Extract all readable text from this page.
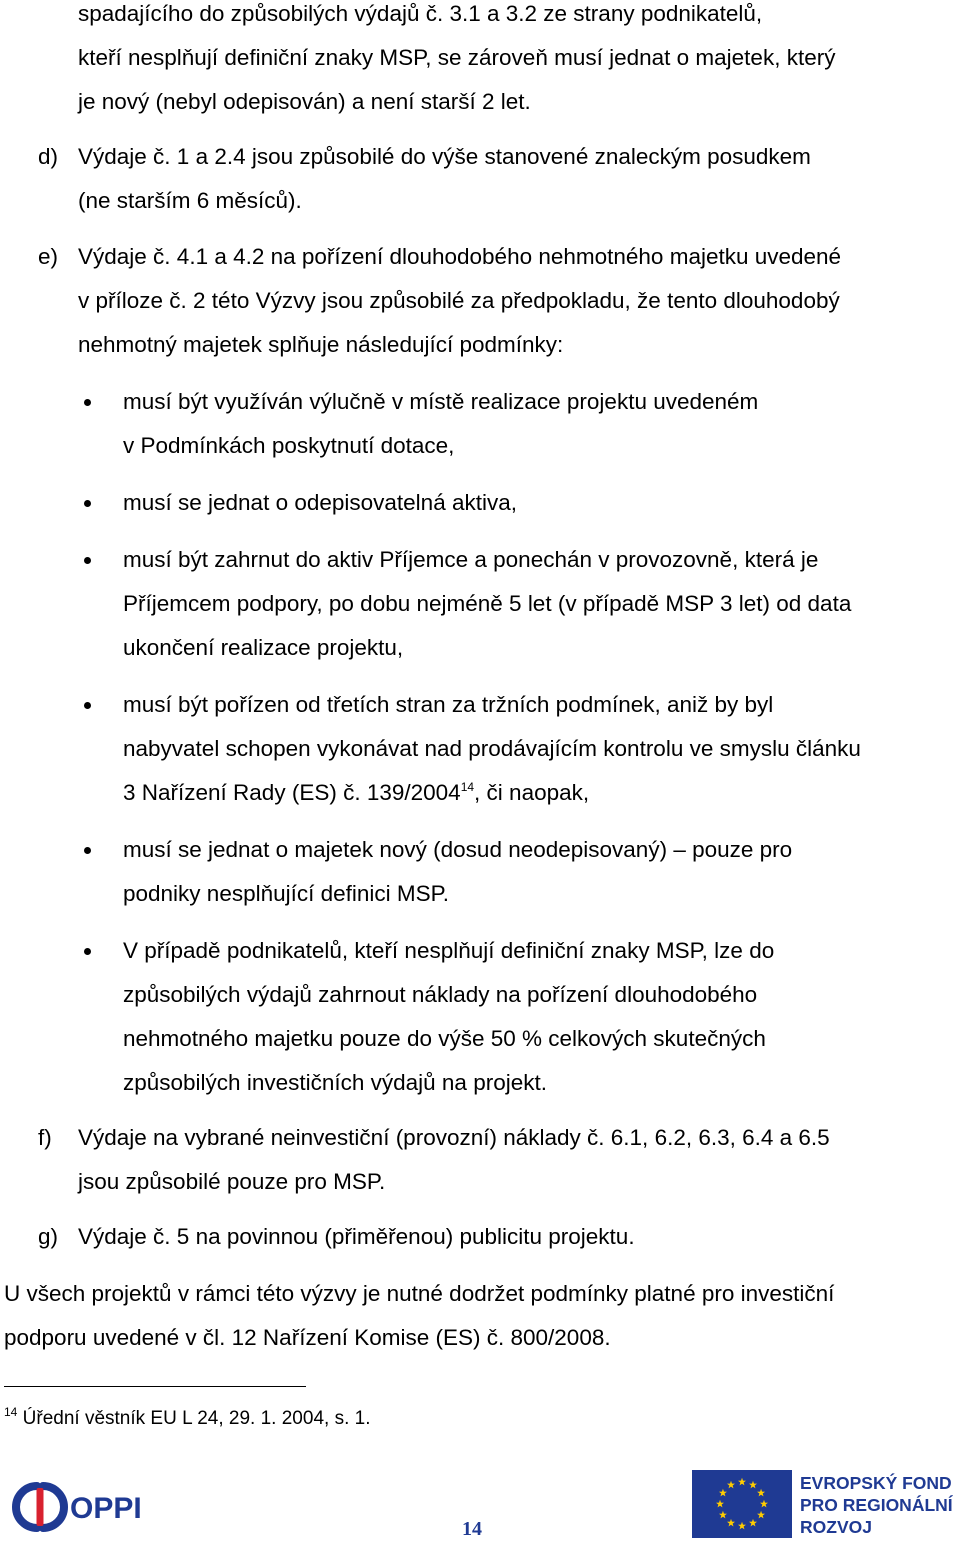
spadajícího do způsobilých výdajů č. 3.1 a 3.2 ze strany podnikatelů,
kteří nesplňují definiční znaky MSP, se zároveň musí jednat o majetek, který
je nový (nebyl odepisován) a není starší 2 let.
d) Výdaje č. 1 a 2.4 jsou způsobilé do výše stanovené znaleckým posudkem
(ne starším 6 měsíců).
e) Výdaje č. 4.1 a 4.2 na pořízení dlouhodobého nehmotného majetku uvedené
v příloze č. 2 této Výzvy jsou způsobilé za předpokladu, že tento dlouhodobý
nehmotný majetek splňuje následující podmínky:
musí být využíván výlučně v místě realizace projektu uvedeném
v Podmínkách poskytnutí dotace,
musí se jednat o odepisovatelná aktiva,
musí být zahrnut do aktiv Příjemce a ponechán v provozovně, která je
Příjemcem podpory, po dobu nejméně 5 let (v případě MSP 3 let) od data
ukončení realizace projektu,
musí být pořízen od třetích stran za tržních podmínek, aniž by byl
nabyvatel schopen vykonávat nad prodávajícím kontrolu ve smyslu článku
3 Nařízení Rady (ES) č. 139/2004$^{14}$, či naopak,
musí se jednat o majetek nový (dosud neodepisovaný) – pouze pro
podniky nesplňující definici MSP.
V případě podnikatelů, kteří nesplňují definiční znaky MSP, lze do
způsobilých výdajů zahrnout náklady na pořízení dlouhodobého
nehmotného majetku pouze do výše 50 % celkových skutečných
způsobilých investičních výdajů na projekt.
f) Výdaje na vybrané neinvestiční (provozní) náklady č. 6.1, 6.2, 6.3, 6.4 a 6.5
jsou způsobilé pouze pro MSP.
g) Výdaje č. 5 na povinnou (přiměřenou) publicitu projektu.
U všech projektů v rámci této výzvy je nutné dodržet podmínky platné pro investiční
podporu uvedené v čl. 12 Nařízení Komise (ES) č. 800/2008.
$^{14}$ Úřední věstník EU L 24, 29. 1. 2004, s. 1.
OPPI
14
EVROPSKÝ FOND
PRO REGIONÁLNÍ
ROZVOJ
